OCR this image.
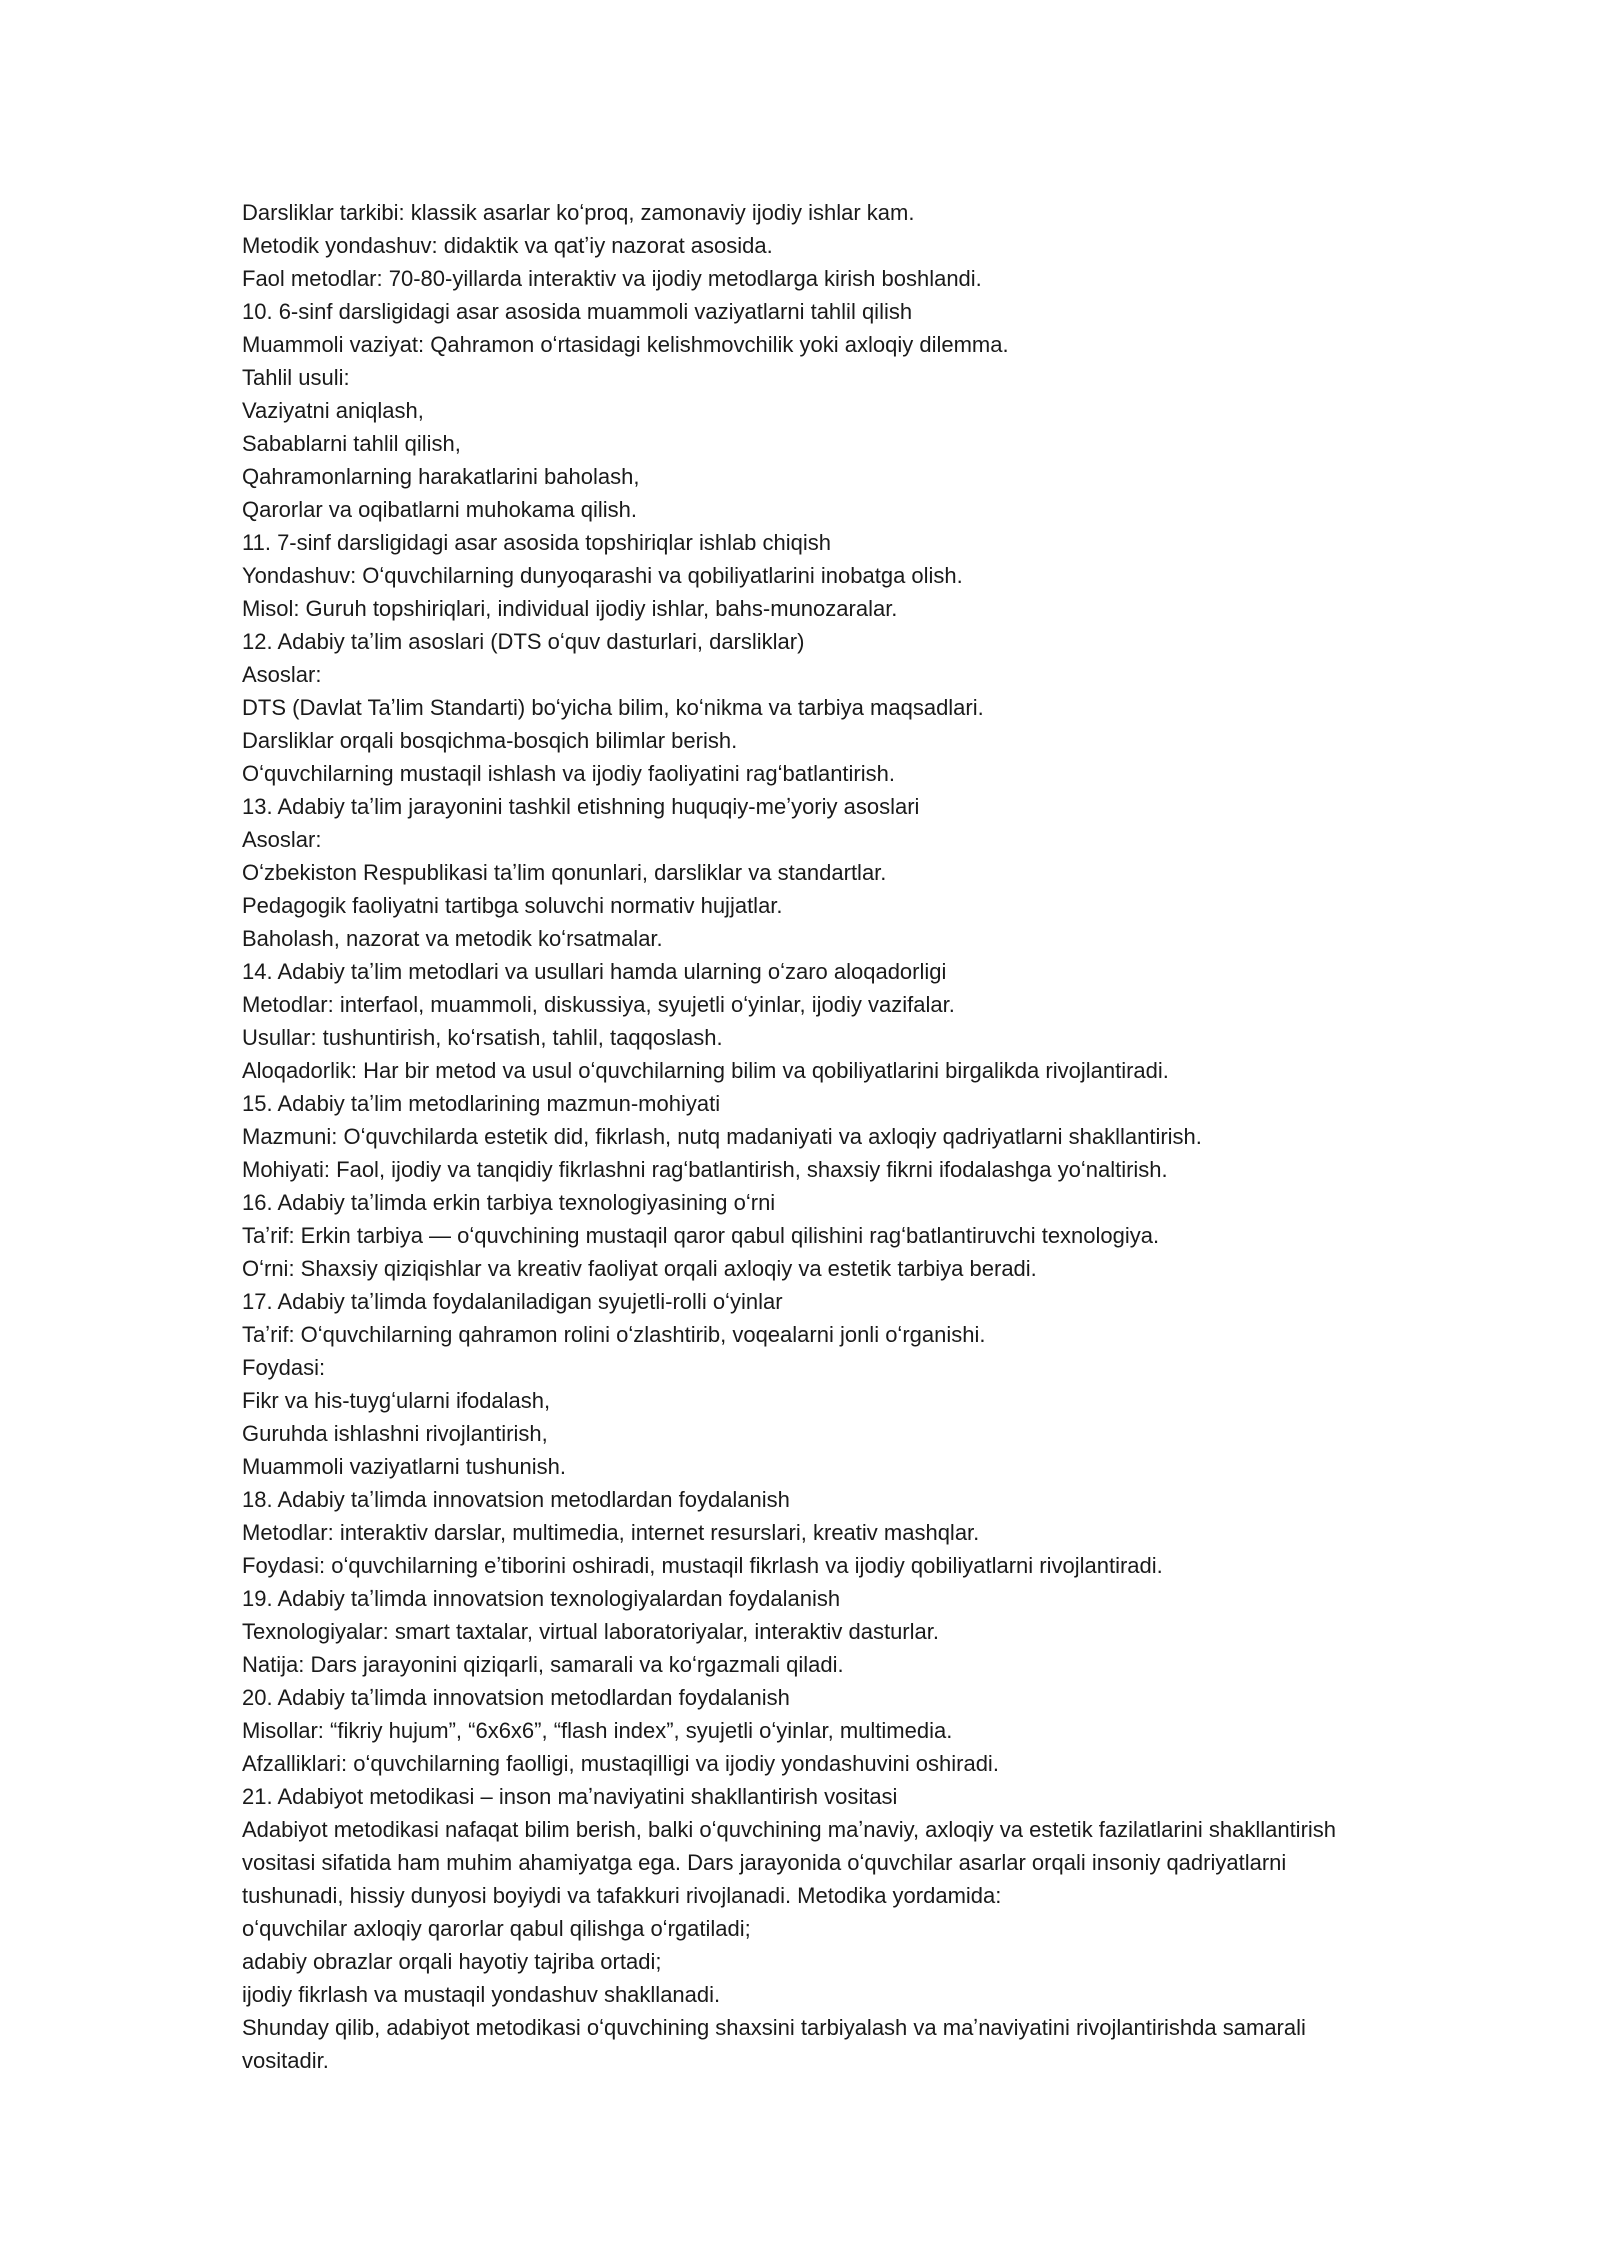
Darsliklar tarkibi: klassik asarlar koʻproq, zamonaviy ijodiy ishlar kam.
Metodik yondashuv: didaktik va qatʼiy nazorat asosida.
Faol metodlar: 70-80-yillarda interaktiv va ijodiy metodlarga kirish boshlandi.
10. 6-sinf darsligidagi asar asosida muammoli vaziyatlarni tahlil qilish
Muammoli vaziyat: Qahramon oʻrtasidagi kelishmovchilik yoki axloqiy dilemma.
Tahlil usuli:
Vaziyatni aniqlash,
Sabablarni tahlil qilish,
Qahramonlarning harakatlarini baholash,
Qarorlar va oqibatlarni muhokama qilish.
11. 7-sinf darsligidagi asar asosida topshiriqlar ishlab chiqish
Yondashuv: Oʻquvchilarning dunyoqarashi va qobiliyatlarini inobatga olish.
Misol: Guruh topshiriqlari, individual ijodiy ishlar, bahs-munozaralar.
12. Adabiy taʼlim asoslari (DTS oʻquv dasturlari, darsliklar)
Asoslar:
DTS (Davlat Taʼlim Standarti) boʻyicha bilim, koʻnikma va tarbiya maqsadlari.
Darsliklar orqali bosqichma-bosqich bilimlar berish.
Oʻquvchilarning mustaqil ishlash va ijodiy faoliyatini ragʻbatlantirish.
13. Adabiy taʼlim jarayonini tashkil etishning huquqiy-meʼyoriy asoslari
Asoslar:
Oʻzbekiston Respublikasi taʼlim qonunlari, darsliklar va standartlar.
Pedagogik faoliyatni tartibga soluvchi normativ hujjatlar.
Baholash, nazorat va metodik koʻrsatmalar.
14. Adabiy taʼlim metodlari va usullari hamda ularning oʻzaro aloqadorligi
Metodlar: interfaol, muammoli, diskussiya, syujetli oʻyinlar, ijodiy vazifalar.
Usullar: tushuntirish, koʻrsatish, tahlil, taqqoslash.
Aloqadorlik: Har bir metod va usul oʻquvchilarning bilim va qobiliyatlarini birgalikda rivojlantiradi.
15. Adabiy taʼlim metodlarining mazmun-mohiyati
Mazmuni: Oʻquvchilarda estetik did, fikrlash, nutq madaniyati va axloqiy qadriyatlarni shakllantirish.
Mohiyati: Faol, ijodiy va tanqidiy fikrlashni ragʻbatlantirish, shaxsiy fikrni ifodalashga yoʻnaltirish.
16. Adabiy taʼlimda erkin tarbiya texnologiyasining oʻrni
Taʼrif: Erkin tarbiya — oʻquvchining mustaqil qaror qabul qilishini ragʻbatlantiruvchi texnologiya.
Oʻrni: Shaxsiy qiziqishlar va kreativ faoliyat orqali axloqiy va estetik tarbiya beradi.
17. Adabiy taʼlimda foydalaniladigan syujetli-rolli oʻyinlar
Taʼrif: Oʻquvchilarning qahramon rolini oʻzlashtirib, voqealarni jonli oʻrganishi.
Foydasi:
Fikr va his-tuygʻularni ifodalash,
Guruhda ishlashni rivojlantirish,
Muammoli vaziyatlarni tushunish.
18. Adabiy taʼlimda innovatsion metodlardan foydalanish
Metodlar: interaktiv darslar, multimedia, internet resurslari, kreativ mashqlar.
Foydasi: oʻquvchilarning eʼtiborini oshiradi, mustaqil fikrlash va ijodiy qobiliyatlarni rivojlantiradi.
19. Adabiy taʼlimda innovatsion texnologiyalardan foydalanish
Texnologiyalar: smart taxtalar, virtual laboratoriyalar, interaktiv dasturlar.
Natija: Dars jarayonini qiziqarli, samarali va koʻrgazmali qiladi.
20. Adabiy taʼlimda innovatsion metodlardan foydalanish
Misollar: “fikriy hujum”, “6x6x6”, “flash index”, syujetli oʻyinlar, multimedia.
Afzalliklari: oʻquvchilarning faolligi, mustaqilligi va ijodiy yondashuvini oshiradi.
21. Adabiyot metodikasi – inson maʼnaviyatini shakllantirish vositasi
Adabiyot metodikasi nafaqat bilim berish, balki oʻquvchining maʼnaviy, axloqiy va estetik fazilatlarini shakllantirish vositasi sifatida ham muhim ahamiyatga ega. Dars jarayonida oʻquvchilar asarlar orqali insoniy qadriyatlarni tushunadi, hissiy dunyosi boyiydi va tafakkuri rivojlanadi. Metodika yordamida:
oʻquvchilar axloqiy qarorlar qabul qilishga oʻrgatiladi;
adabiy obrazlar orqali hayotiy tajriba ortadi;
ijodiy fikrlash va mustaqil yondashuv shakllanadi.
Shunday qilib, adabiyot metodikasi oʻquvchining shaxsini tarbiyalash va maʼnaviyatini rivojlantirishda samarali vositadir.
